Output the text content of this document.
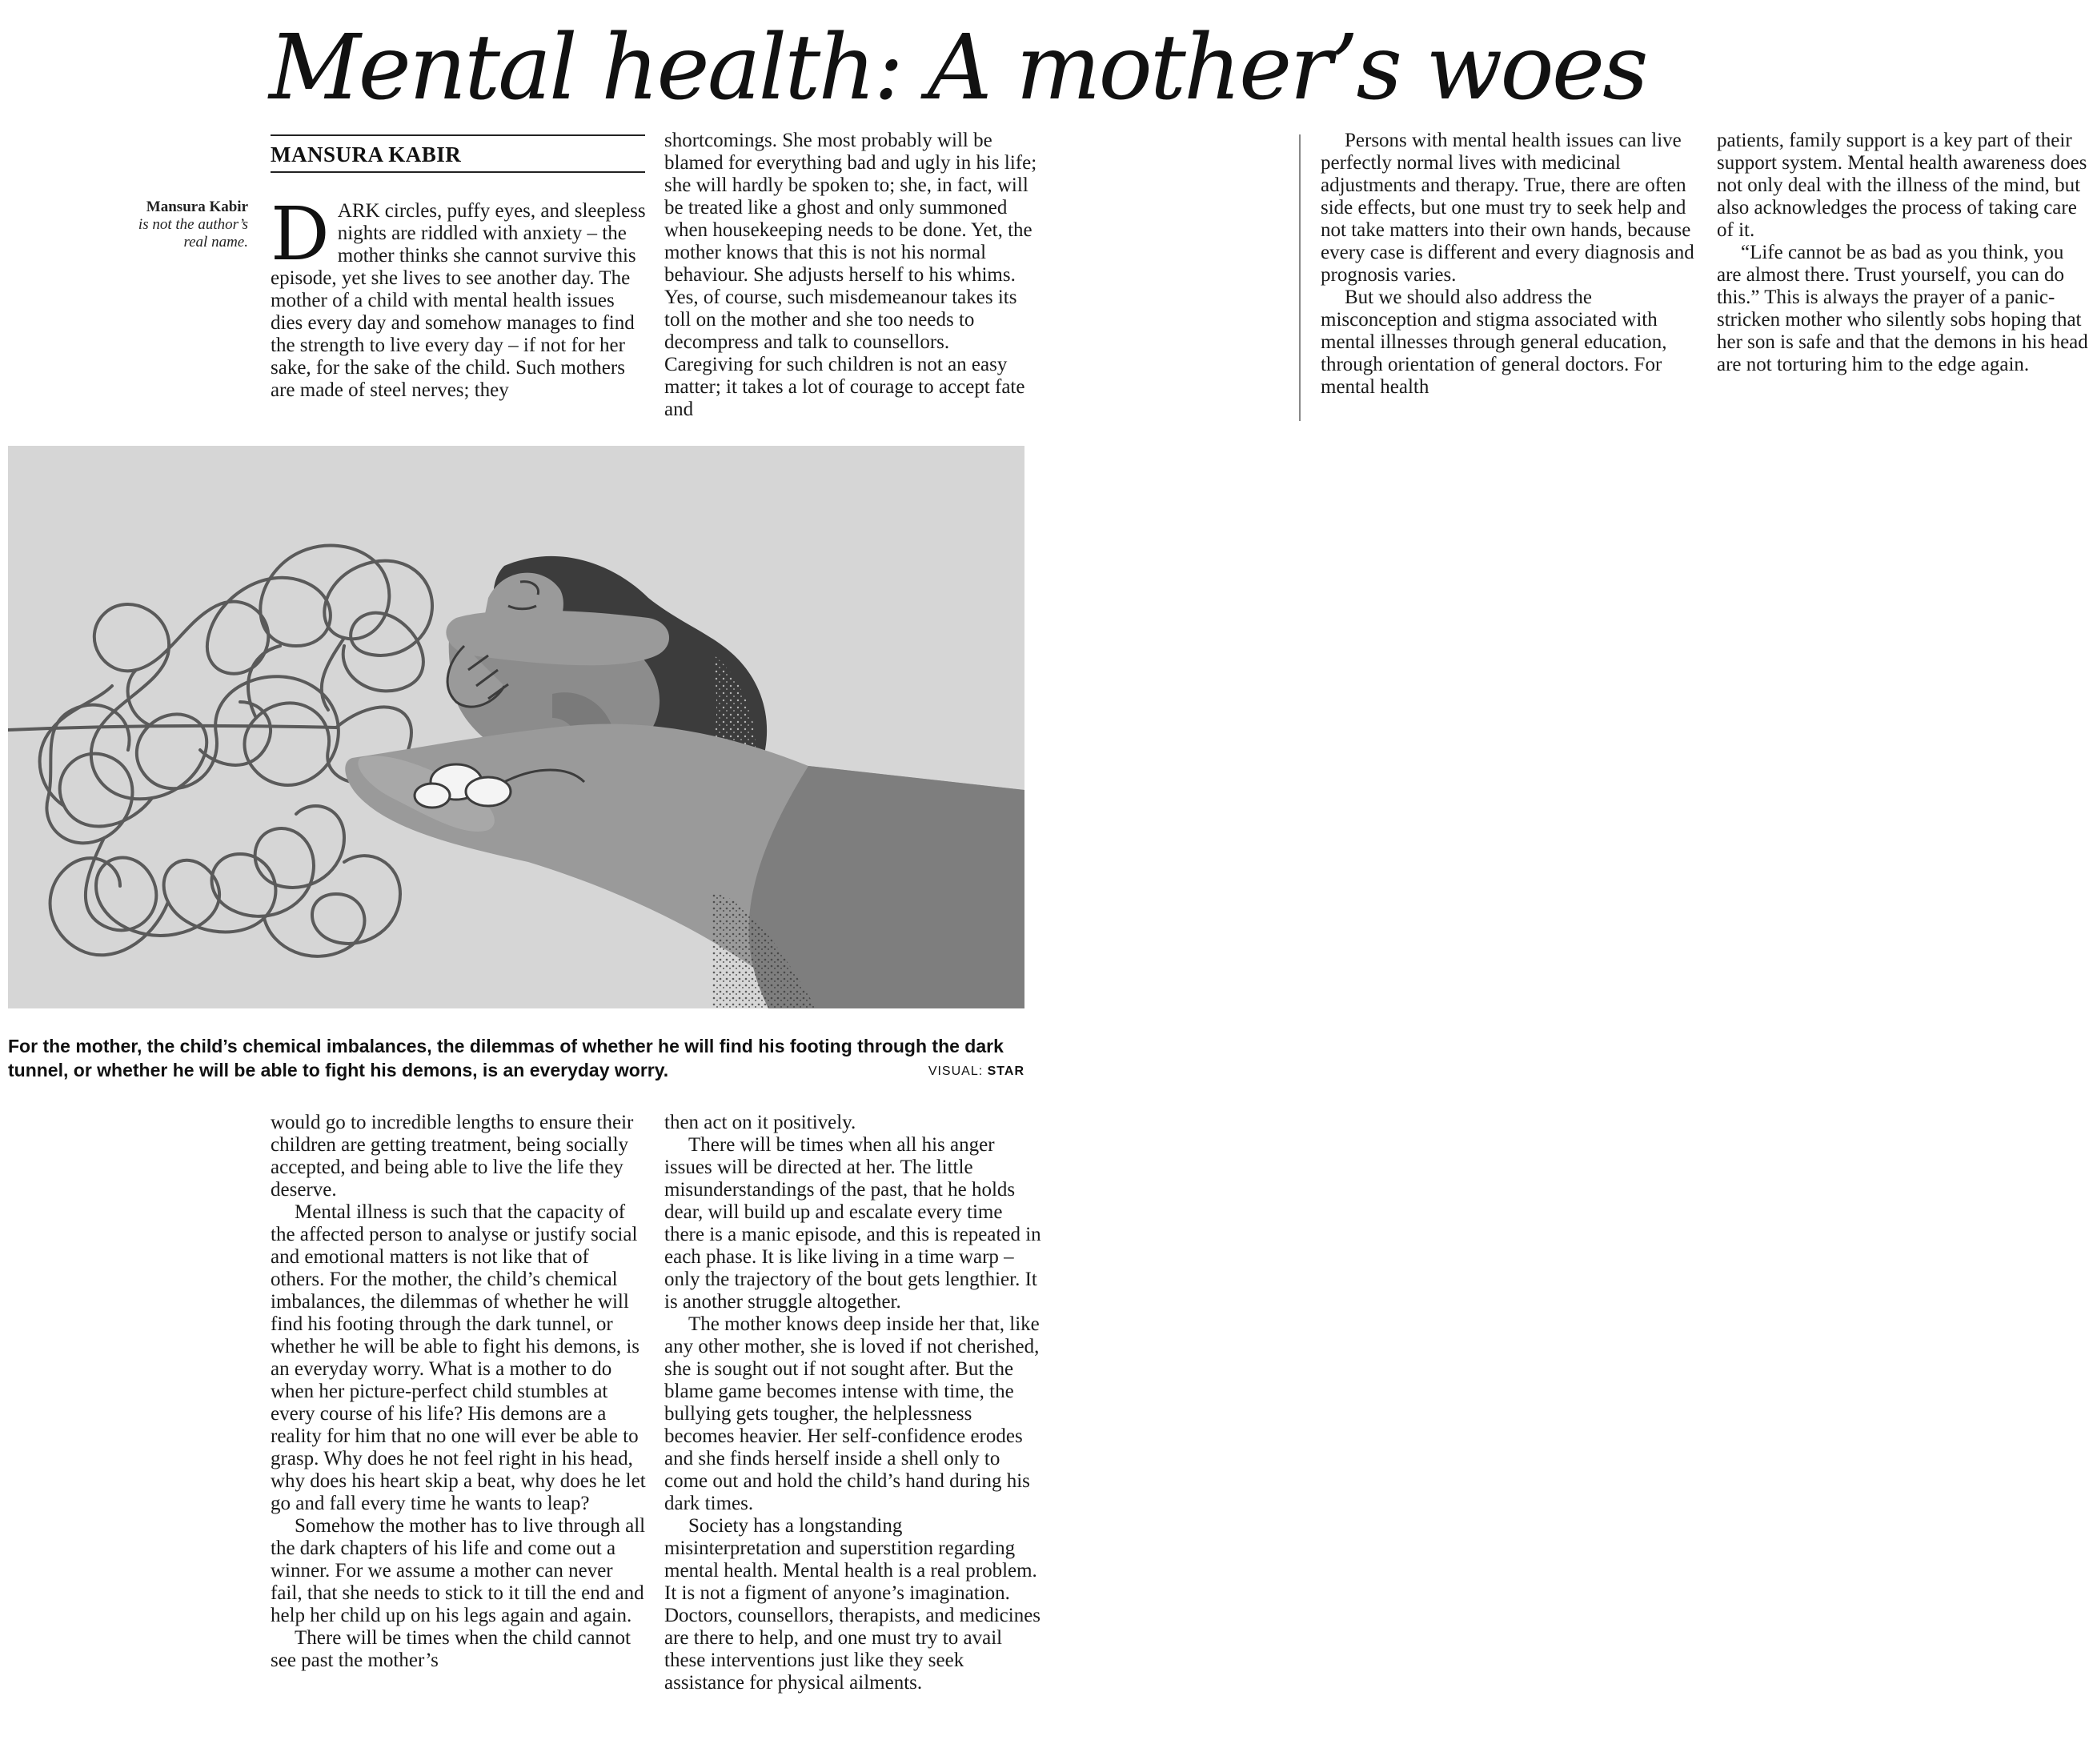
Mental health: A mother’s woes
MANSURA KABIR
Mansura Kabir
is not the author’s real name. D ARK circles, puffy eyes, and sleepless nights are riddled with anxiety – the mother thinks she cannot survive this episode, yet she lives to see another day. The mother of a child with mental health issues dies every day and somehow manages to find the strength to live every day – if not for her sake, for the sake of the child. Such mothers are made of steel nerves; they

shortcomings. She most probably will be blamed for everything bad and ugly in his life; she will hardly be spoken to; she, in fact, will be treated like a ghost and only summoned when housekeeping needs to be done. Yet, the mother knows that this is not his normal behaviour. She adjusts herself to his whims. Yes, of course, such misdemeanour takes its toll on the mother and she too needs to decompress and talk to counsellors. Caregiving for such children is not an easy matter; it takes a lot of courage to accept fate and

Persons with mental health issues can live perfectly normal lives with medicinal adjustments and therapy. True, there are often side effects, but one must try to seek help and not take matters into their own hands, because every case is different and every diagnosis and prognosis varies.

But we should also address the misconception and stigma associated with mental illnesses through general education, through orientation of general doctors. For mental health

patients, family support is a key part of their support system. Mental health awareness does not only deal with the illness of the mind, but also acknowledges the process of taking care of it.

“Life cannot be as bad as you think, you are almost there. Trust yourself, you can do this.” This is always the prayer of a panic-stricken mother who silently sobs hoping that her son is safe and that the demons in his head are not torturing him to the edge again.

For the mother, the child’s chemical imbalances, the dilemmas of whether he will find his footing through the dark tunnel, or whether he will be able to fight his demons, is an everyday worry.	VISUAL: STAR

would go to incredible lengths to ensure their children are getting treatment, being socially accepted, and being able to live the life they deserve.

Mental illness is such that the capacity of the affected person to analyse or justify social and emotional matters is not like that of others. For the mother, the child’s chemical imbalances, the dilemmas of whether he will find his footing through the dark tunnel, or whether he will be able to fight his demons, is an everyday worry. What is a mother to do when her picture-perfect child stumbles at every course of his life? His demons are a reality for him that no one will ever be able to grasp. Why does he not feel right in his head, why does his heart skip a beat, why does he let go and fall every time he wants to leap?

Somehow the mother has to live through all the dark chapters of his life and come out a winner. For we assume a mother can never fail, that she needs to stick to it till the end and help her child up on his legs again and again.

There will be times when the child cannot see past the mother’s

then act on it positively.

There will be times when all his anger issues will be directed at her. The little misunderstandings of the past, that he holds dear, will build up and escalate every time there is a manic episode, and this is repeated in each phase. It is like living in a time warp – only the trajectory of the bout gets lengthier. It is another struggle altogether.

The mother knows deep inside her that, like any other mother, she is loved if not cherished, she is sought out if not sought after. But the blame game becomes intense with time, the bullying gets tougher, the helplessness becomes heavier. Her self-confidence erodes and she finds herself inside a shell only to come out and hold the child’s hand during his dark times.

Society has a longstanding misinterpretation and superstition regarding mental health. Mental health is a real problem. It is not a figment of anyone’s imagination. Doctors, counsellors, therapists, and medicines are there to help, and one must try to avail these interventions just like they seek assistance for physical ailments.
